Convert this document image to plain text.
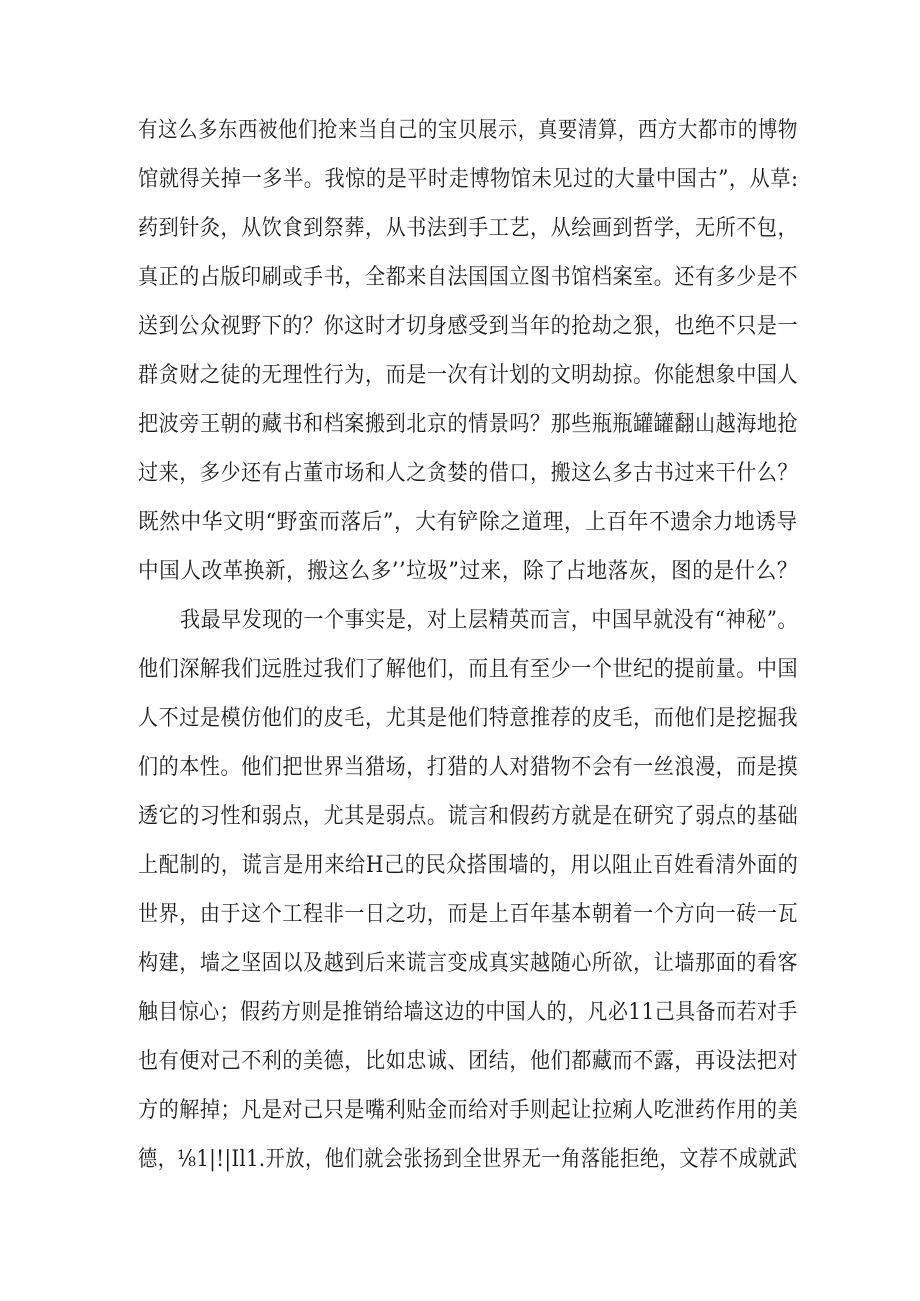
有这么多东西被他们抢来当自己的宝贝展示，真要清算，西方大都市的博物
馆就得关掉一多半。我惊的是平时走博物馆未见过的大量中国古”，从草:
药到针灸，从饮食到祭葬，从书法到手工艺，从绘画到哲学，无所不包，
真正的占版印刷或手书，全都来自法国国立图书馆档案室。还有多少是不
送到公众视野下的？你这时才切身感受到当年的抢劫之狠，也绝不只是一
群贪财之徒的无理性行为，而是一次有计划的文明劫掠。你能想象中国人
把波旁王朝的藏书和档案搬到北京的情景吗？那些瓶瓶罐罐翻山越海地抢
过来，多少还有占董市场和人之贪婪的借口，搬这么多古书过来干什么？
既然中华文明“野蛮而落后”，大有铲除之道理，上百年不遗余力地诱导
中国人改革换新，搬这么多’’垃圾”过来，除了占地落灰，图的是什么？
我最早发现的一个事实是，对上层精英而言，中国早就没有“神秘”。
他们深解我们远胜过我们了解他们，而且有至少一个世纪的提前量。中国
人不过是模仿他们的皮毛，尤其是他们特意推荐的皮毛，而他们是挖掘我
们的本性。他们把世界当猎场，打猎的人对猎物不会有一丝浪漫，而是摸
透它的习性和弱点，尤其是弱点。谎言和假药方就是在研究了弱点的基础
上配制的，谎言是用来给H己的民众搭围墙的，用以阻止百姓看清外面的
世界，由于这个工程非一日之功，而是上百年基本朝着一个方向一砖一瓦
构建，墙之坚固以及越到后来谎言变成真实越随心所欲，让墙那面的看客
触目惊心；假药方则是推销给墙这边的中国人的，凡必11己具备而若对手
也有便对己不利的美德，比如忠诚、团结，他们都藏而不露，再设法把对
方的解掉；凡是对己只是嘴利贴金而给对手则起让拉痢人吃泄药作用的美
德，⅛1|!|Il1.开放，他们就会张扬到全世界无一角落能拒绝，文荐不成就武
